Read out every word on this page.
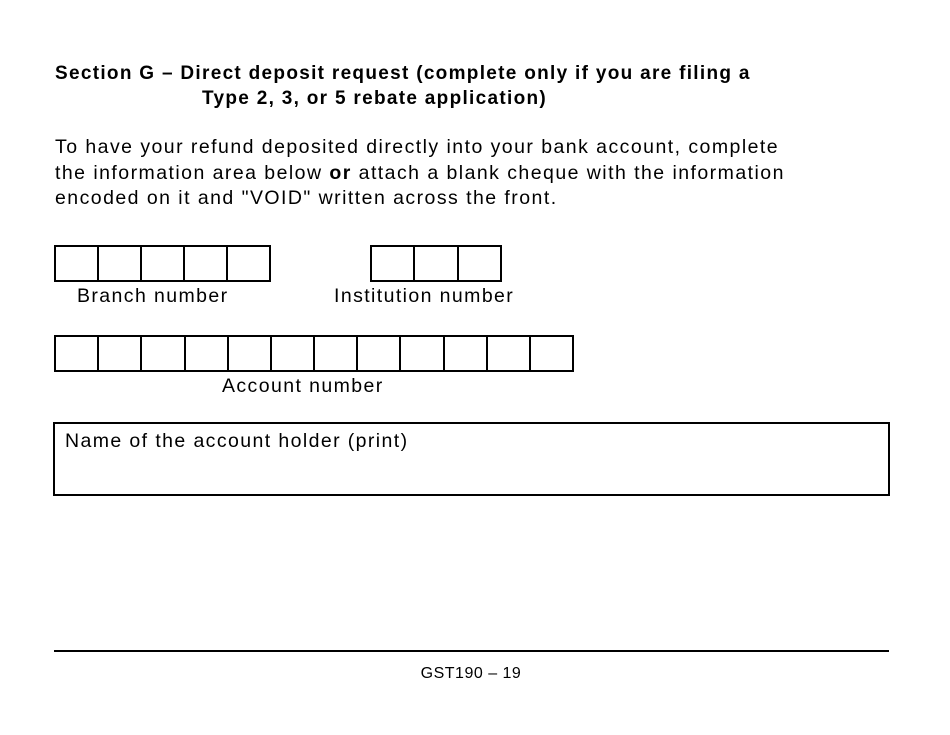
Section G – Direct deposit request (complete only if you are filing a
Type 2, 3, or 5 rebate application)
To have your refund deposited directly into your bank account, complete
the information area below or attach a blank cheque with the information
encoded on it and "VOID" written across the front.
Branch number	Institution number
Account number
Name of the account holder (print)
GST190 – 19
